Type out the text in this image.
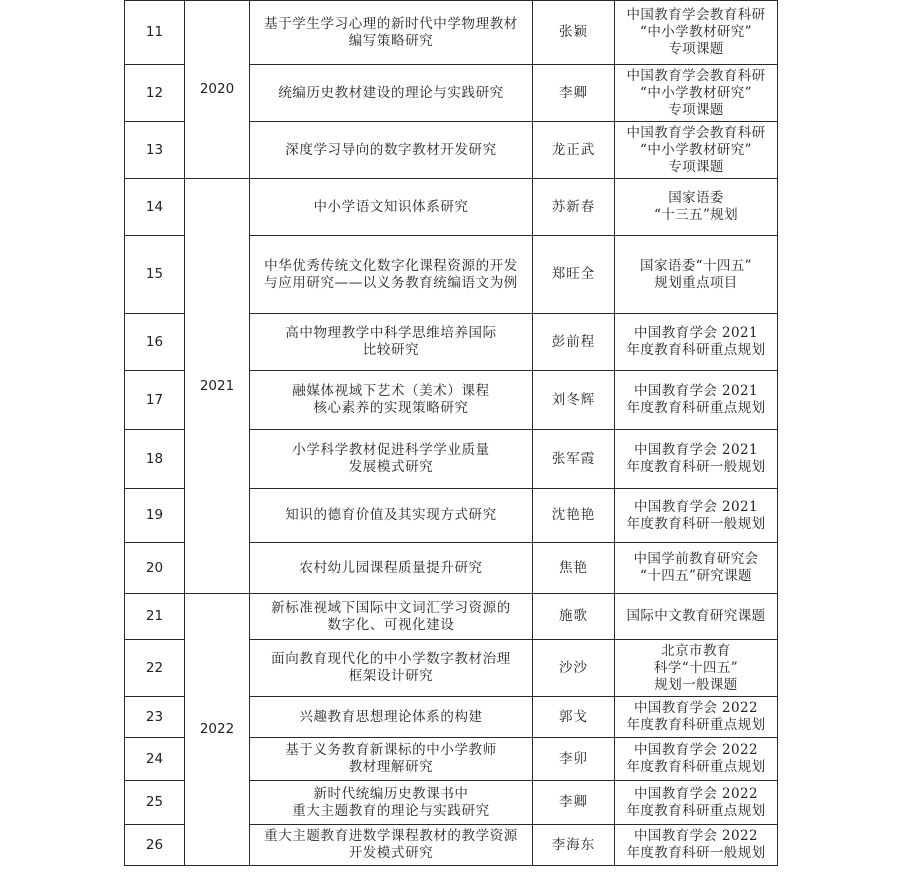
11	2020	基于学生学习心理的新时代中学物理教材
编写策略研究	张颖	中国教育学会教育科研
“中小学教材研究”
专项课题

12		统编历史教材建设的理论与实践研究	李卿	中国教育学会教育科研
“中小学教材研究”
专项课题

13		深度学习导向的数字教材开发研究	龙正武	中国教育学会教育科研
“中小学教材研究”
专项课题

14	2021	中小学语文知识体系研究	苏新春	国家语委
“十三五”规划

15		中华优秀传统文化数字化课程资源的开发
与应用研究——以义务教育统编语文为例	郑旺全	国家语委“十四五”
规划重点项目

16		高中物理教学中科学思维培养国际
比较研究	彭前程	中国教育学会 2021
年度教育科研重点规划

17		融媒体视域下艺术（美术）课程
核心素养的实现策略研究	刘冬辉	中国教育学会 2021
年度教育科研重点规划

18		小学科学教材促进科学学业质量
发展模式研究	张军霞	中国教育学会 2021
年度教育科研一般规划

19		知识的德育价值及其实现方式研究	沈艳艳	中国教育学会 2021
年度教育科研一般规划

20		农村幼儿园课程质量提升研究	焦艳	中国学前教育研究会
“十四五”研究课题

21	2022	新标准视域下国际中文词汇学习资源的
数字化、可视化建设	施歌	国际中文教育研究课题

22		面向教育现代化的中小学数字教材治理
框架设计研究	沙沙	北京市教育
科学“十四五”
规划一般课题

23		兴趣教育思想理论体系的构建	郭戈	中国教育学会 2022
年度教育科研重点规划

24		基于义务教育新课标的中小学教师
教材理解研究	李卯	中国教育学会 2022
年度教育科研重点规划

25		新时代统编历史教课书中
重大主题教育的理论与实践研究	李卿	中国教育学会 2022
年度教育科研重点规划

26		重大主题教育进数学课程教材的教学资源
开发模式研究	李海东	中国教育学会 2022
年度教育科研一般规划
